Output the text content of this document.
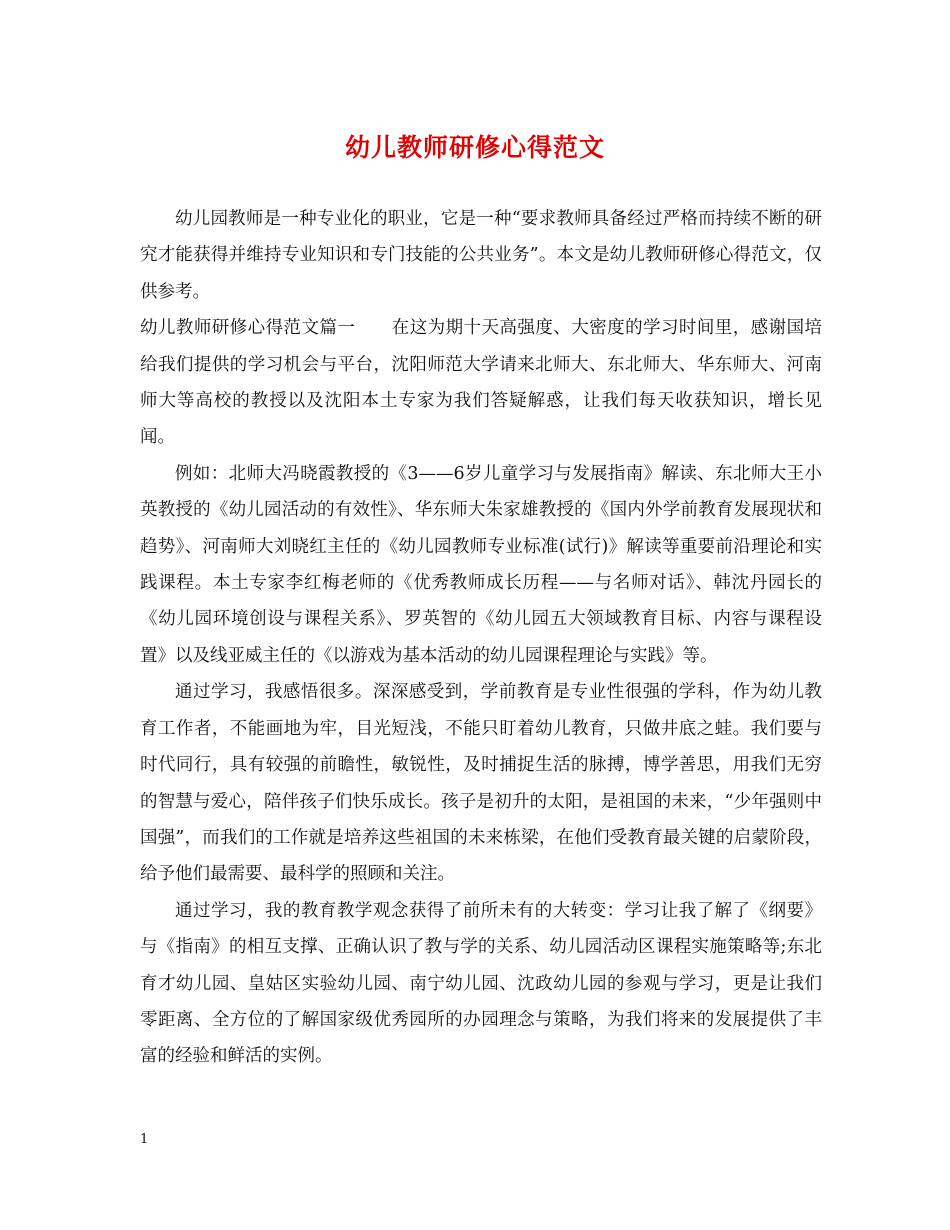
幼儿教师研修心得范文

幼儿园教师是一种专业化的职业，它是一种“要求教师具备经过严格而持续不断的研究才能获得并维持专业知识和专门技能的公共业务”。本文是幼儿教师研修心得范文，仅供参考。

幼儿教师研修心得范文篇一 在这为期十天高强度、大密度的学习时间里，感谢国培给我们提供的学习机会与平台，沈阳师范大学请来北师大、东北师大、华东师大、河南师大等高校的教授以及沈阳本土专家为我们答疑解惑，让我们每天收获知识，增长见闻。

例如：北师大冯晓霞教授的《3——6岁儿童学习与发展指南》解读、东北师大王小英教授的《幼儿园活动的有效性》、华东师大朱家雄教授的《国内外学前教育发展现状和趋势》、河南师大刘晓红主任的《幼儿园教师专业标准(试行)》解读等重要前沿理论和实践课程。本土专家李红梅老师的《优秀教师成长历程——与名师对话》、韩沈丹园长的《幼儿园环境创设与课程关系》、罗英智的《幼儿园五大领域教育目标、内容与课程设置》以及线亚威主任的《以游戏为基本活动的幼儿园课程理论与实践》等。

通过学习，我感悟很多。深深感受到，学前教育是专业性很强的学科，作为幼儿教育工作者，不能画地为牢，目光短浅，不能只盯着幼儿教育，只做井底之蛙。我们要与时代同行，具有较强的前瞻性，敏锐性，及时捕捉生活的脉搏，博学善思，用我们无穷的智慧与爱心，陪伴孩子们快乐成长。孩子是初升的太阳，是祖国的未来，“少年强则中国强”，而我们的工作就是培养这些祖国的未来栋梁，在他们受教育最关键的启蒙阶段，给予他们最需要、最科学的照顾和关注。

通过学习，我的教育教学观念获得了前所未有的大转变：学习让我了解了《纲要》与《指南》的相互支撑、正确认识了教与学的关系、幼儿园活动区课程实施策略等;东北育才幼儿园、皇姑区实验幼儿园、南宁幼儿园、沈政幼儿园的参观与学习，更是让我们零距离、全方位的了解国家级优秀园所的办园理念与策略，为我们将来的发展提供了丰富的经验和鲜活的实例。

1
